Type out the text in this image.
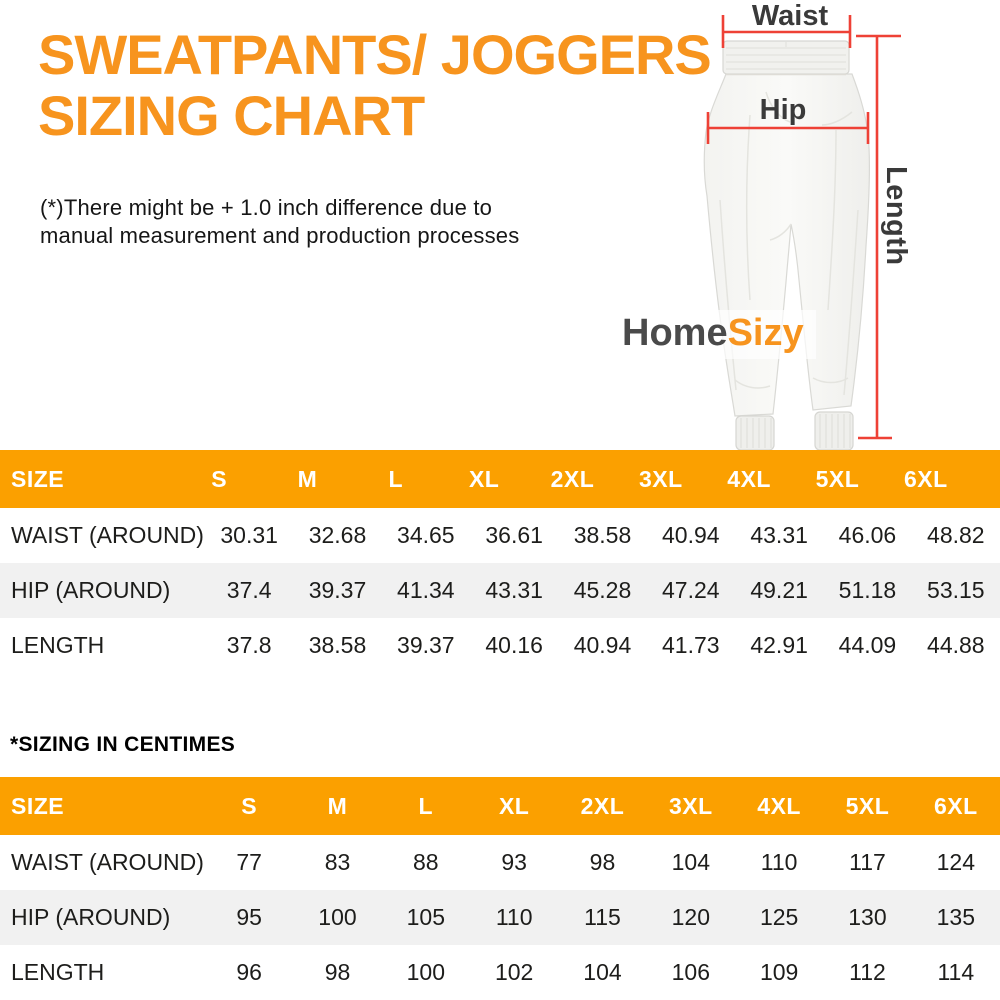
SWEATPANTS/ JOGGERS
SIZING CHART

(*)There might be + 1.0 inch difference due to
manual measurement and production processes

Waist
Hip
Length
HomeSizy
SIZE	S	M	L	XL	2XL	3XL	4XL	5XL	6XL
WAIST (AROUND)	30.31	32.68	34.65	36.61	38.58	40.94	43.31	46.06	48.82
HIP (AROUND)	37.4	39.37	41.34	43.31	45.28	47.24	49.21	51.18	53.15
LENGTH	37.8	38.58	39.37	40.16	40.94	41.73	42.91	44.09	44.88
*SIZING IN CENTIMES
SIZE	S	M	L	XL	2XL	3XL	4XL	5XL	6XL
WAIST (AROUND)	77	83	88	93	98	104	110	117	124
HIP (AROUND)	95	100	105	110	115	120	125	130	135
LENGTH	96	98	100	102	104	106	109	112	114
